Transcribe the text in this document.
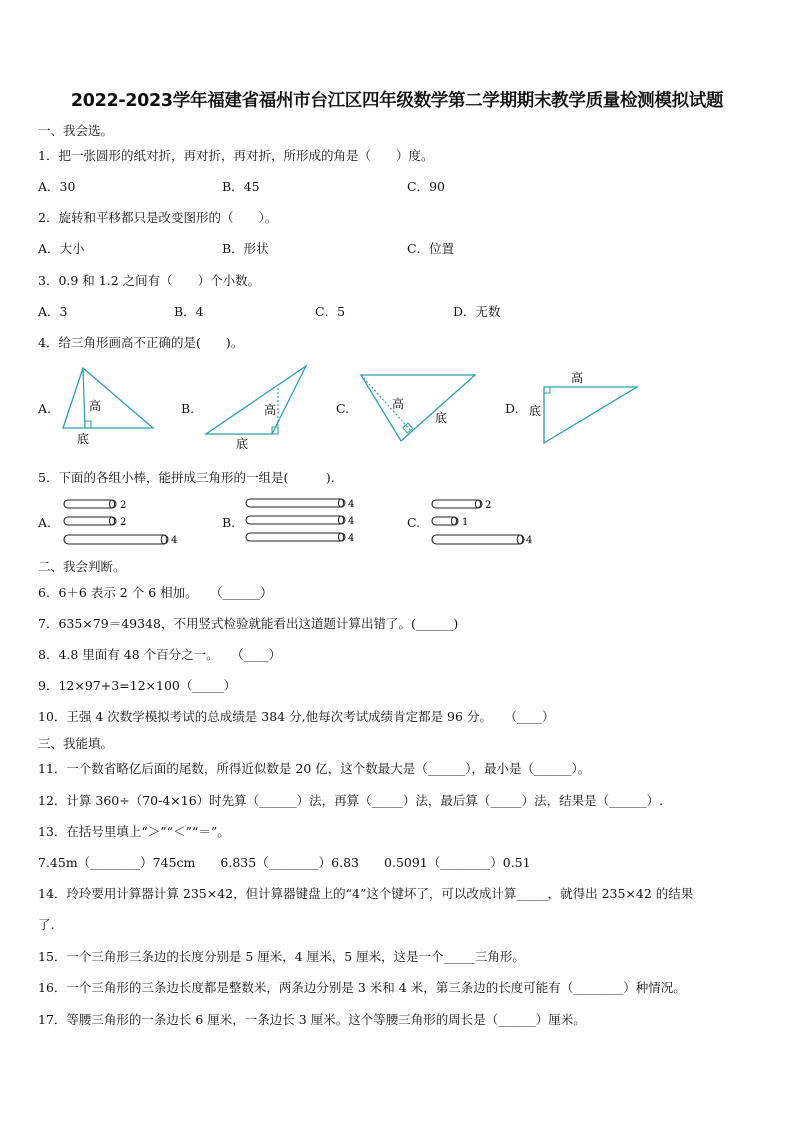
2022-2023学年福建省福州市台江区四年级数学第二学期期末教学质量检测模拟试题
一、我会选。
1．把一张圆形的纸对折，再对折，再对折，所形成的角是（　　）度。
A．30	B．45	C．90
2．旋转和平移都只是改变图形的（　　）。
A．大小	B．形状	C．位置
3．0.9 和 1.2 之间有（　　）个小数。
A．3	B．4	C．5	D．无数
4．给三角形画高不正确的是(　　)。
A.	高
底
B.	高
底
C.	高
底
D.
高
底
5．下面的各组小棒，能拼成三角形的一组是(　　　).
A.
2
2
4
B.
4
4
4
C.
2
1
4
二、我会判断。
6．6＋6 表示 2 个 6 相加。　　（______）
7．635×79＝49348，不用竖式检验就能看出这道题计算出错了。(______)
8．4.8 里面有 48 个百分之一。　　（____）
9．12×97+3=12×100（_____）
10．王强 4 次数学模拟考试的总成绩是 384 分,他每次考试成绩肯定都是 96 分。　　（____）
三、我能填。
11．一个数省略亿后面的尾数，所得近似数是 20 亿，这个数最大是（______），最小是（______）。
12．计算 360÷（70-4×16）时先算（______）法，再算（_____）法，最后算（_____）法，结果是（______）.
13．在括号里填上“＞”“＜”“＝”。
7.45m（________）745cm　　6.835（________）6.83　　0.5091（________）0.51
14．玲玲要用计算器计算 235×42，但计算器键盘上的“4”这个键坏了，可以改成计算_____，就得出 235×42 的结果
了.
15．一个三角形三条边的长度分别是 5 厘米，4 厘米，5 厘米，这是一个_____三角形。
16．一个三角形的三条边长度都是整数米，两条边分别是 3 米和 4 米，第三条边的长度可能有（________）种情况。
17．等腰三角形的一条边长 6 厘米，一条边长 3 厘米。这个等腰三角形的周长是（______）厘米。
